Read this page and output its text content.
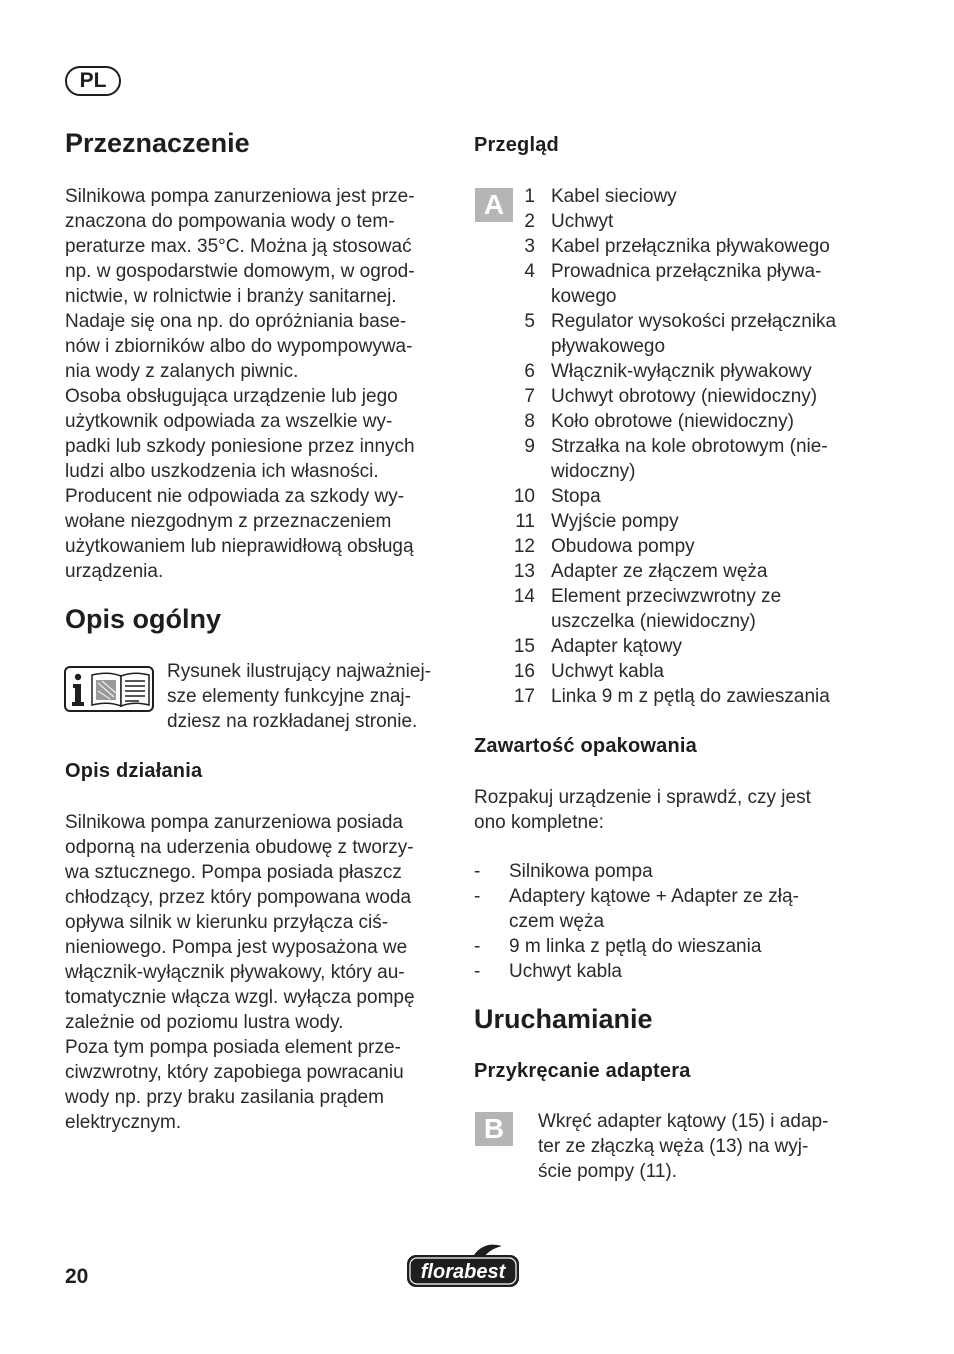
PL
Przeznaczenie
Silnikowa pompa zanurzeniowa jest prze-
znaczona do pompowania wody o tem-
peraturze max. 35°C. Można ją stosować
np. w gospodarstwie domowym, w ogrod-
nictwie, w rolnictwie i branży sanitarnej.
Nadaje się ona np. do opróżniania base-
nów i zbiorników albo do wypompowywa-
nia wody z zalanych piwnic.
Osoba obsługująca urządzenie lub jego
użytkownik odpowiada za wszelkie wy-
padki lub szkody poniesione przez innych
ludzi albo uszkodzenia ich własności.
Producent nie odpowiada za szkody wy-
wołane niezgodnym z przeznaczeniem
użytkowaniem lub nieprawidłową obsługą
urządzenia.
Opis ogólny
Rysunek ilustrujący najważniej-
sze elementy funkcyjne znaj-
dziesz na rozkładanej stronie.
Opis działania
Silnikowa pompa zanurzeniowa posiada
odporną na uderzenia obudowę z tworzy-
wa sztucznego. Pompa posiada płaszcz
chłodzący, przez który pompowana woda
opływa silnik w kierunku przyłącza ciś-
nieniowego. Pompa jest wyposażona we
włącznik-wyłącznik pływakowy, który au-
tomatycznie włącza wzgl. wyłącza pompę
zależnie od poziomu lustra wody.
Poza tym pompa posiada element prze-
ciwzwrotny, który zapobiega powracaniu
wody np. przy braku zasilania prądem
elektrycznym.
Przegląd
A	1 Kabel sieciowy
2 Uchwyt
3 Kabel przełącznika pływakowego
4 Prowadnica przełącznika pływa-
kowego
5 Regulator wysokości przełącznika
pływakowego
6 Włącznik-wyłącznik pływakowy
7 Uchwyt obrotowy (niewidoczny)
8 Koło obrotowe (niewidoczny)
9 Strzałka na kole obrotowym (nie-
widoczny)
10 Stopa
11 Wyjście pompy
12 Obudowa pompy
13 Adapter ze złączem węża
14 Element przeciwzwrotny ze
uszczelka (niewidoczny)
15 Adapter kątowy
16 Uchwyt kabla
17 Linka 9 m z pętlą do zawieszania
Zawartość opakowania
Rozpakuj urządzenie i sprawdź, czy jest
ono kompletne:
-	Silnikowa pompa
-	Adaptery kątowe + Adapter ze złą-
czem węża
-	9 m linka z pętlą do wieszania
-	Uchwyt kabla
Uruchamianie
Przykręcanie adaptera
B	Wkręć adapter kątowy (15) i adap-
ter ze złączką węża (13) na wyj-
ście pompy (11).
20	florabest
